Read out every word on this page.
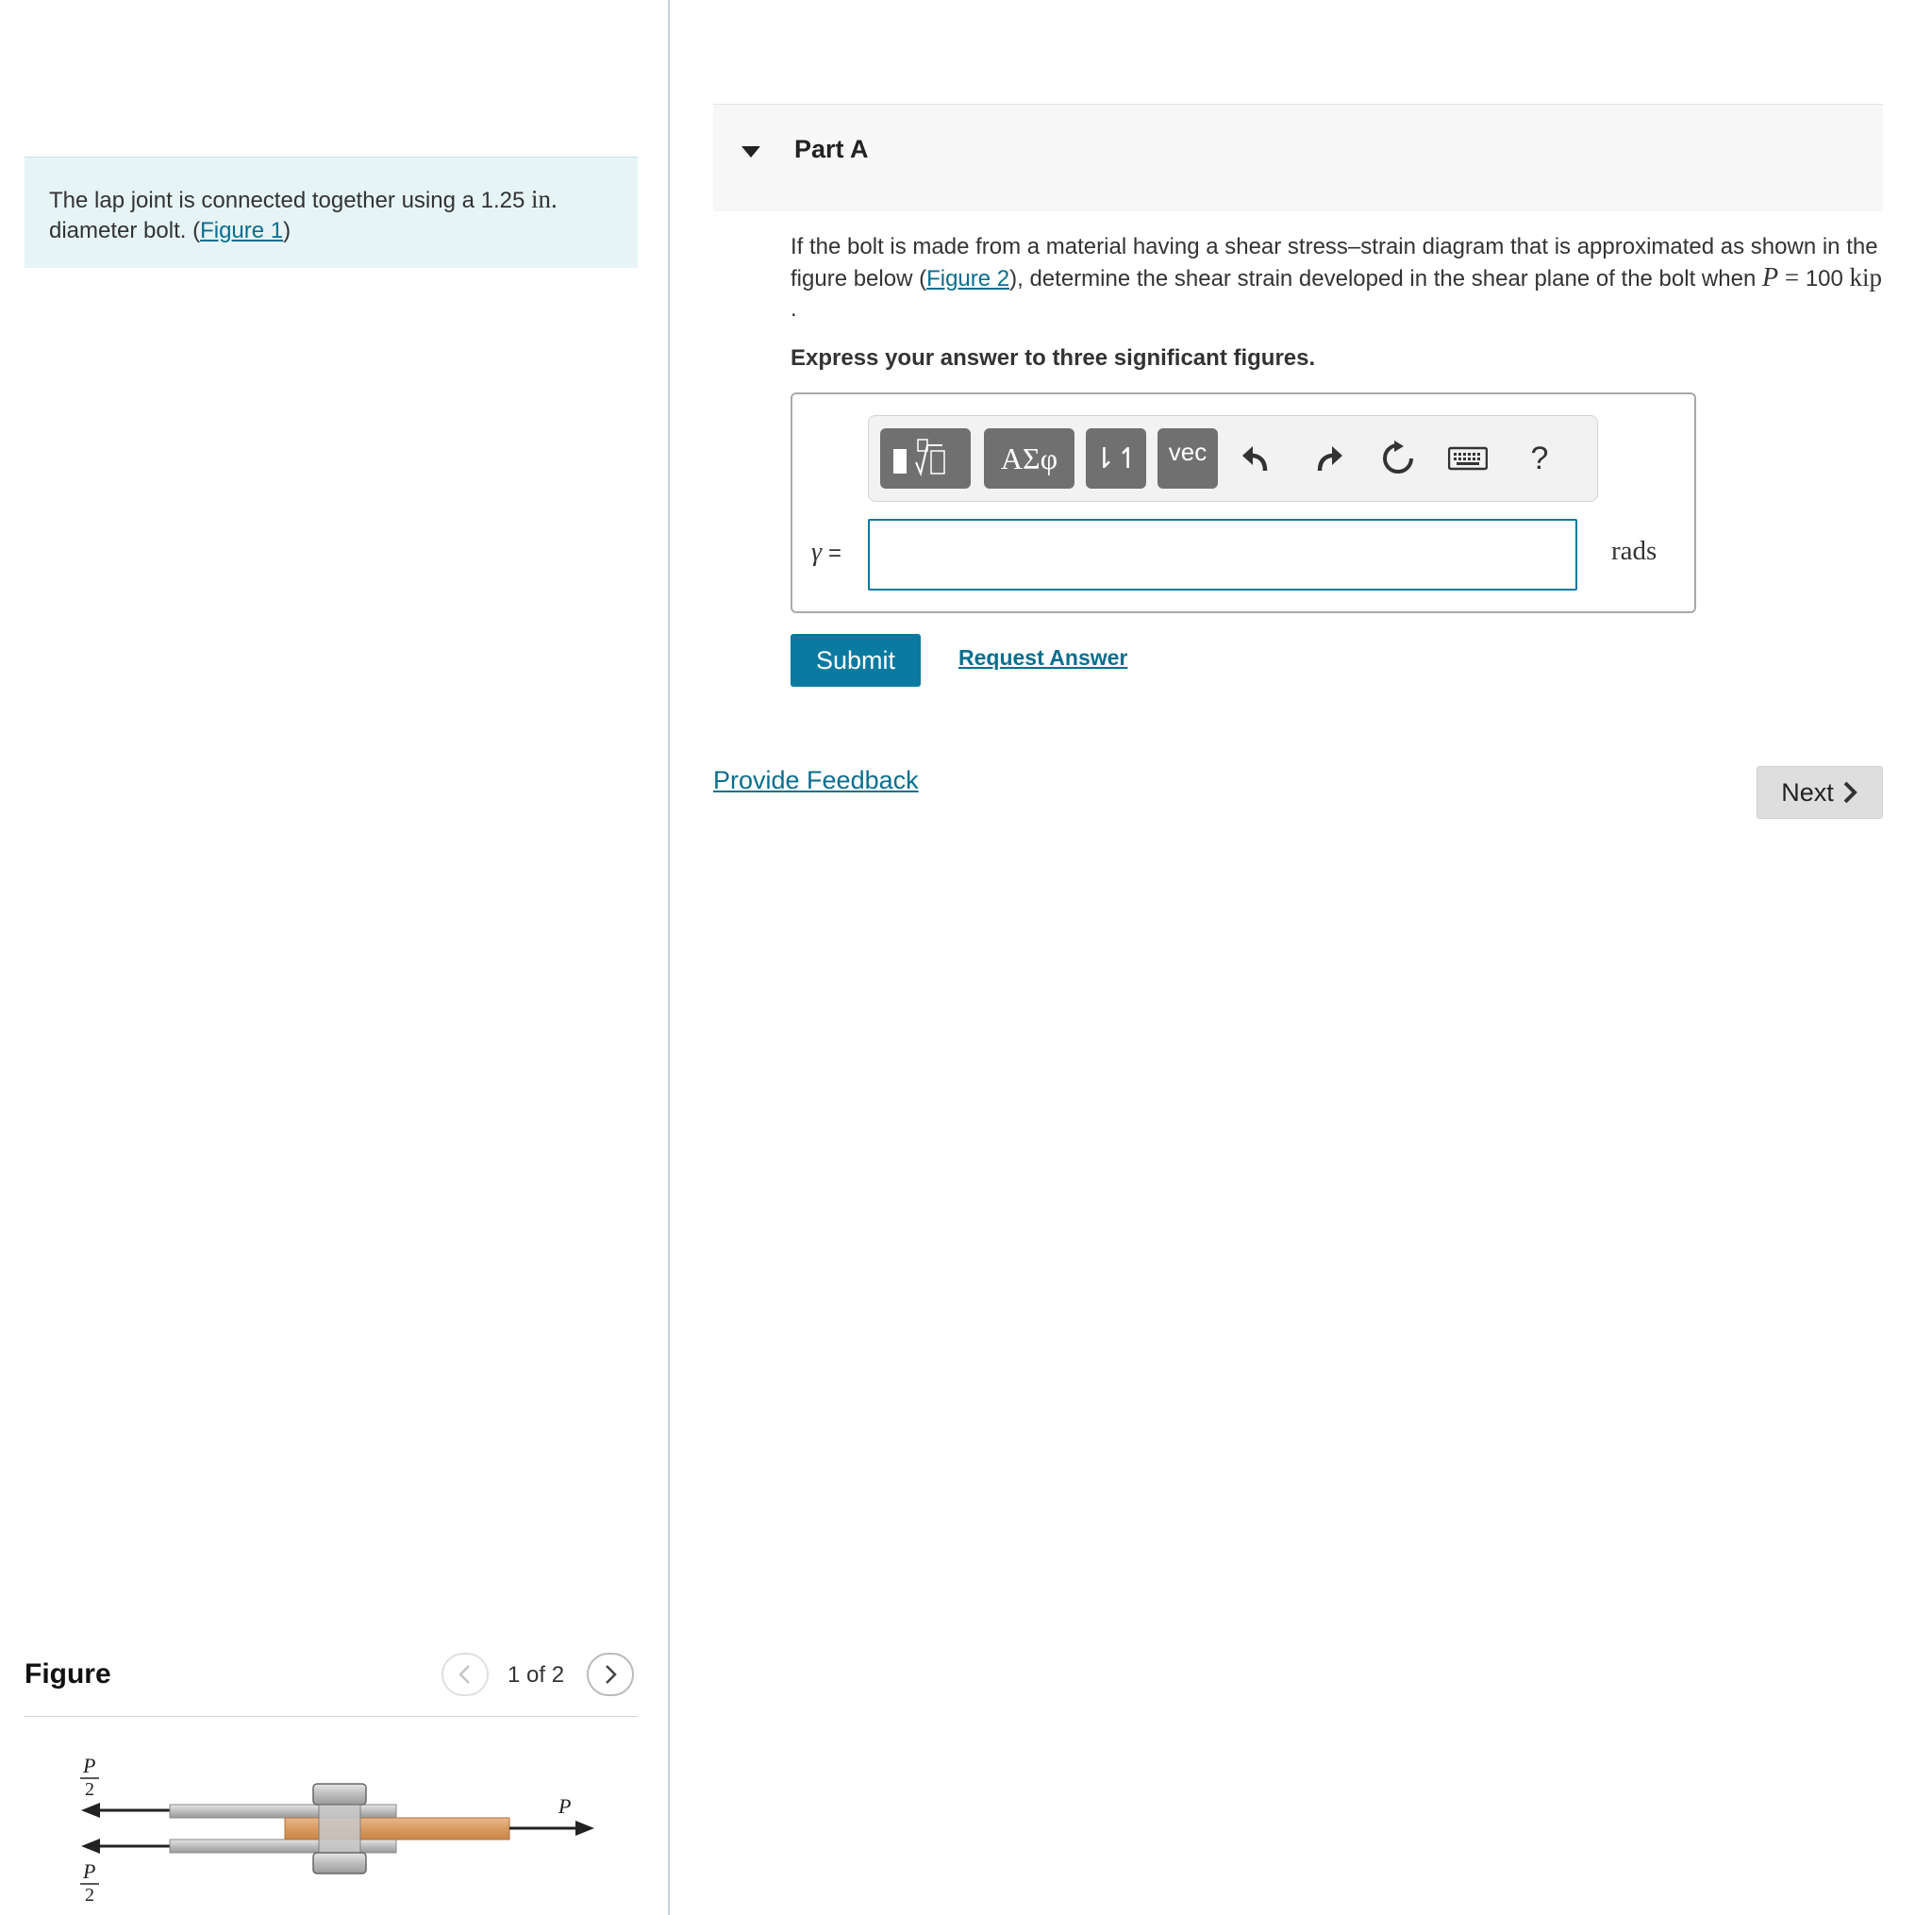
The lap joint is connected together using a 1.25 in.
diameter bolt. (Figure 1)
Figure	1 of 2
P
2
P
2
P
Part A
If the bolt is made from a material having a shear stress–strain diagram that is approximated as shown in the figure below (Figure 2), determine the shear strain developed in the shear plane of the bolt when P = 100 kip .
Express your answer to three significant figures.
ΑΣφ	⇂↿	vec	?
γ =	rads
Submit	Request Answer
Provide Feedback	Next
